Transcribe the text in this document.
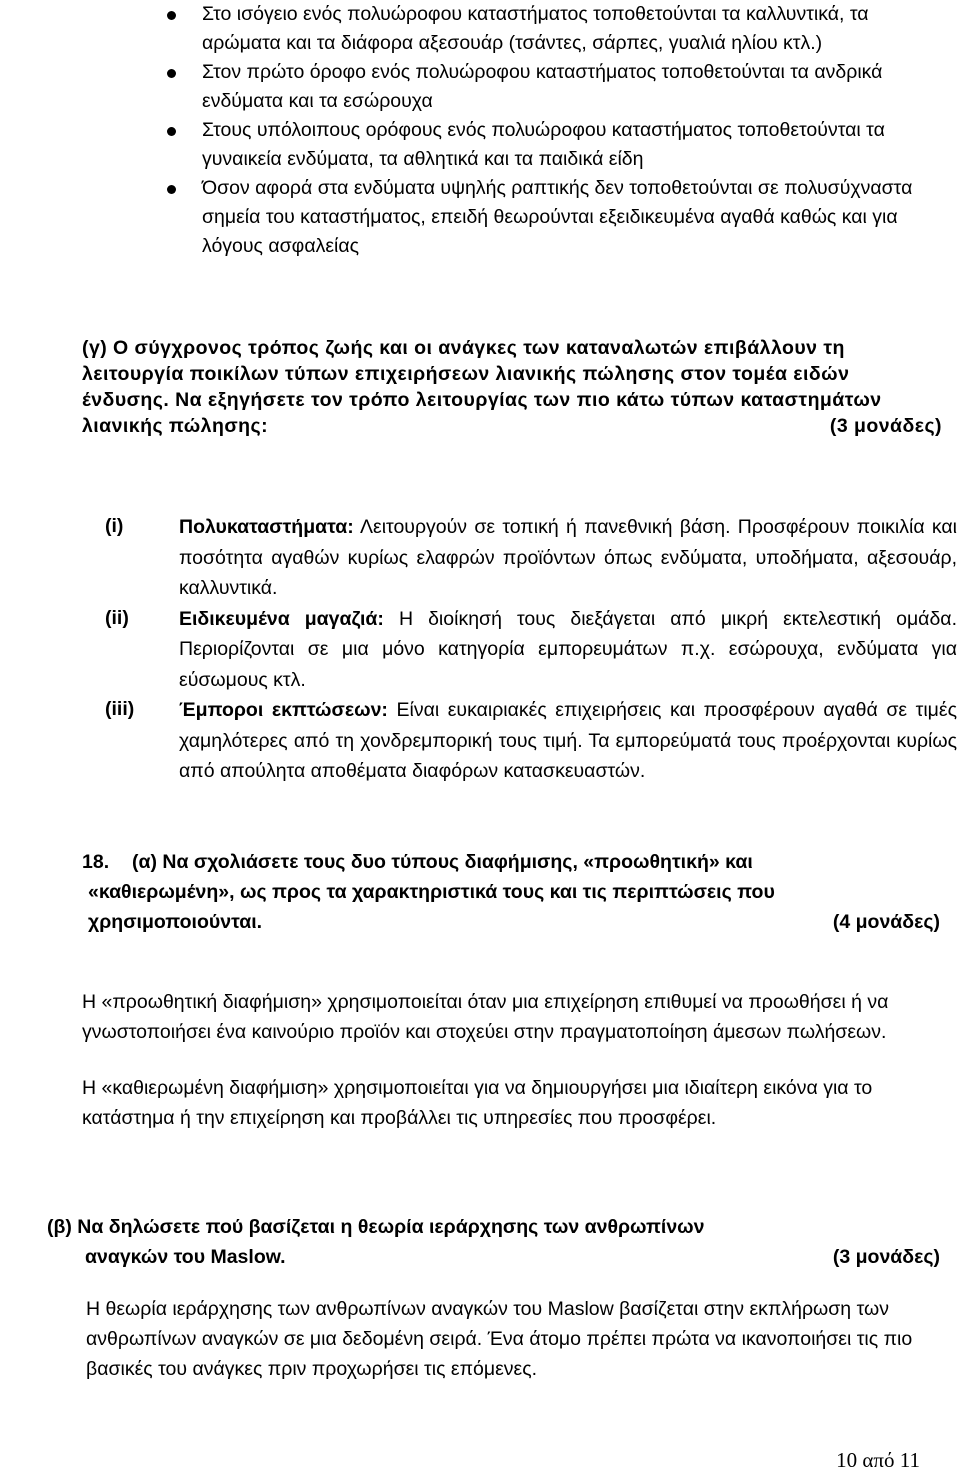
Στο ισόγειο ενός πολυώροφου καταστήματος τοποθετούνται τα καλλυντικά, τα αρώματα και τα διάφορα αξεσουάρ (τσάντες, σάρπες, γυαλιά ηλίου κτλ.)
Στον πρώτο όροφο ενός πολυώροφου καταστήματος τοποθετούνται τα ανδρικά ενδύματα και τα εσώρουχα
Στους υπόλοιπους ορόφους ενός πολυώροφου καταστήματος τοποθετούνται τα γυναικεία ενδύματα, τα αθλητικά και τα παιδικά είδη
Όσον αφορά στα ενδύματα υψηλής ραπτικής δεν τοποθετούνται σε πολυσύχναστα σημεία του καταστήματος, επειδή θεωρούνται εξειδικευμένα αγαθά καθώς και για λόγους ασφαλείας
(γ) Ο σύγχρονος τρόπος ζωής και οι ανάγκες των καταναλωτών επιβάλλουν τη λειτουργία ποικίλων τύπων επιχειρήσεων λιανικής πώλησης στον τομέα ειδών ένδυσης. Να εξηγήσετε τον τρόπο λειτουργίας των πιο κάτω τύπων καταστημάτων λιανικής πώλησης:	(3 μονάδες)
(i)	Πολυκαταστήματα: Λειτουργούν σε τοπική ή πανεθνική βάση. Προσφέρουν ποικιλία και ποσότητα αγαθών κυρίως ελαφρών προϊόντων όπως ενδύματα, υποδήματα, αξεσουάρ, καλλυντικά.
(ii)	Ειδικευμένα μαγαζιά: Η διοίκησή τους διεξάγεται από μικρή εκτελεστική ομάδα. Περιορίζονται σε μια μόνο κατηγορία εμπορευμάτων π.χ. εσώρουχα, ενδύματα για εύσωμους κτλ.
(iii)	Έμποροι εκπτώσεων: Είναι ευκαιριακές επιχειρήσεις και προσφέρουν αγαθά σε τιμές χαμηλότερες από τη χονδρεμπορική τους τιμή. Τα εμπορεύματά τους προέρχονται κυρίως από απούλητα αποθέματα διαφόρων κατασκευαστών.
18.	(α) Να σχολιάσετε τους δυο τύπους διαφήμισης, «προωθητική» και
«καθιερωμένη», ως προς τα χαρακτηριστικά τους και τις περιπτώσεις που
χρησιμοποιούνται.	(4 μονάδες)
Η «προωθητική διαφήμιση» χρησιμοποιείται όταν μια επιχείρηση επιθυμεί να προωθήσει ή να γνωστοποιήσει ένα καινούριο προϊόν και στοχεύει στην πραγματοποίηση άμεσων πωλήσεων.
Η «καθιερωμένη διαφήμιση» χρησιμοποιείται για να δημιουργήσει μια ιδιαίτερη εικόνα για το κατάστημα ή την επιχείρηση και προβάλλει τις υπηρεσίες που προσφέρει.
(β) Να δηλώσετε πού βασίζεται η θεωρία ιεράρχησης των ανθρωπίνων
αναγκών του Maslow.	(3 μονάδες)
Η θεωρία ιεράρχησης των ανθρωπίνων αναγκών του Maslow βασίζεται στην εκπλήρωση των ανθρωπίνων αναγκών σε μια δεδομένη σειρά. Ένα άτομο πρέπει πρώτα να ικανοποιήσει τις πιο βασικές του ανάγκες πριν προχωρήσει τις επόμενες.
10 από 11
